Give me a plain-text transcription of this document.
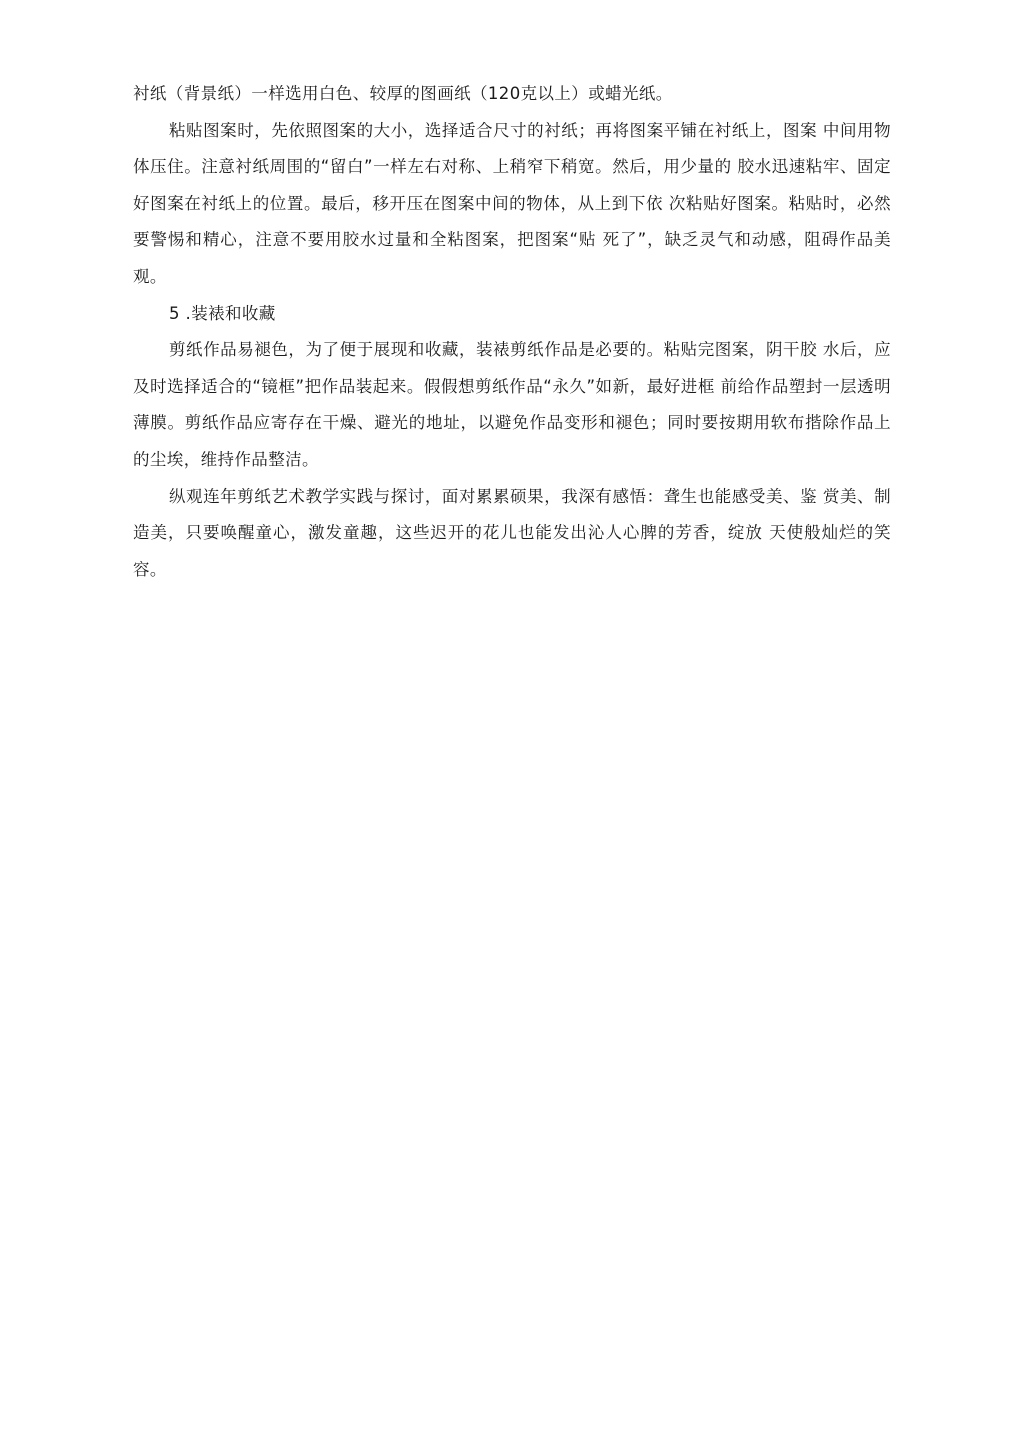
衬纸（背景纸）一样选用白色、较厚的图画纸（120克以上）或蜡光纸。

粘贴图案时，先依照图案的大小，选择适合尺寸的衬纸；再将图案平铺在衬纸上，图案 中间用物体压住。注意衬纸周围的“留白”一样左右对称、上稍窄下稍宽。然后，用少量的 胶水迅速粘牢、固定好图案在衬纸上的位置。最后，移开压在图案中间的物体，从上到下依 次粘贴好图案。粘贴时，必然要警惕和精心，注意不要用胶水过量和全粘图案，把图案“贴 死了”，缺乏灵气和动感，阻碍作品美观。

5 .装裱和收藏

剪纸作品易褪色，为了便于展现和收藏，装裱剪纸作品是必要的。粘贴完图案，阴干胶 水后，应及时选择适合的“镜框”把作品装起来。假假想剪纸作品“永久”如新，最好进框 前给作品塑封一层透明薄膜。剪纸作品应寄存在干燥、避光的地址，以避免作品变形和褪色；同时要按期用软布揩除作品上的尘埃，维持作品整洁。

纵观连年剪纸艺术教学实践与探讨，面对累累硕果，我深有感悟：聋生也能感受美、鉴 赏美、制造美，只要唤醒童心，激发童趣，这些迟开的花儿也能发出沁人心脾的芳香，绽放 天使般灿烂的笑容。
